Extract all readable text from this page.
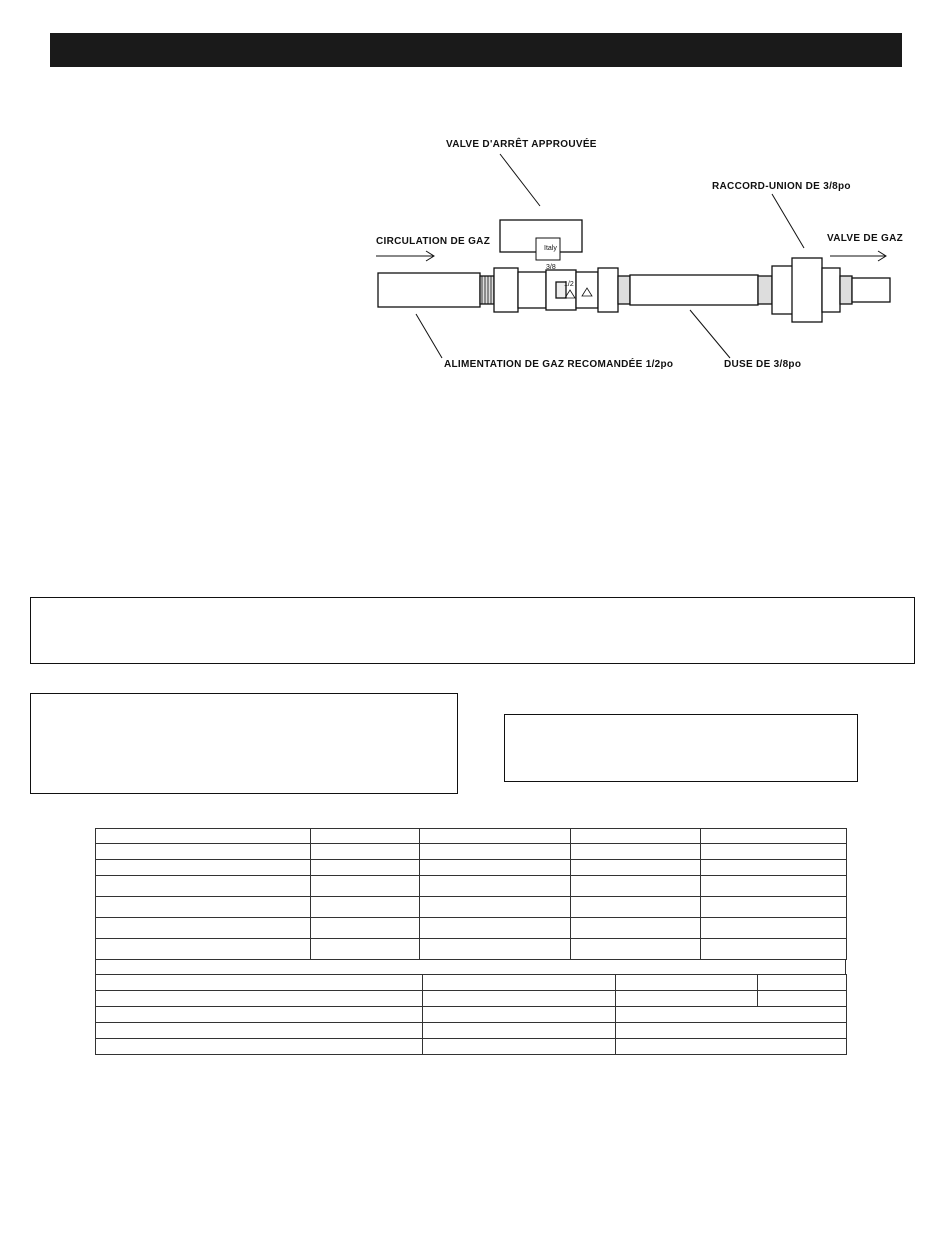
Italy
3/8
1/2
VALVE D'ARRÊT APPROUVÉE
RACCORD-UNION DE 3/8po
CIRCULATION DE GAZ	VALVE DE GAZ
ALIMENTATION DE GAZ RECOMANDÉE 1/2po	DUSE DE 3/8po
